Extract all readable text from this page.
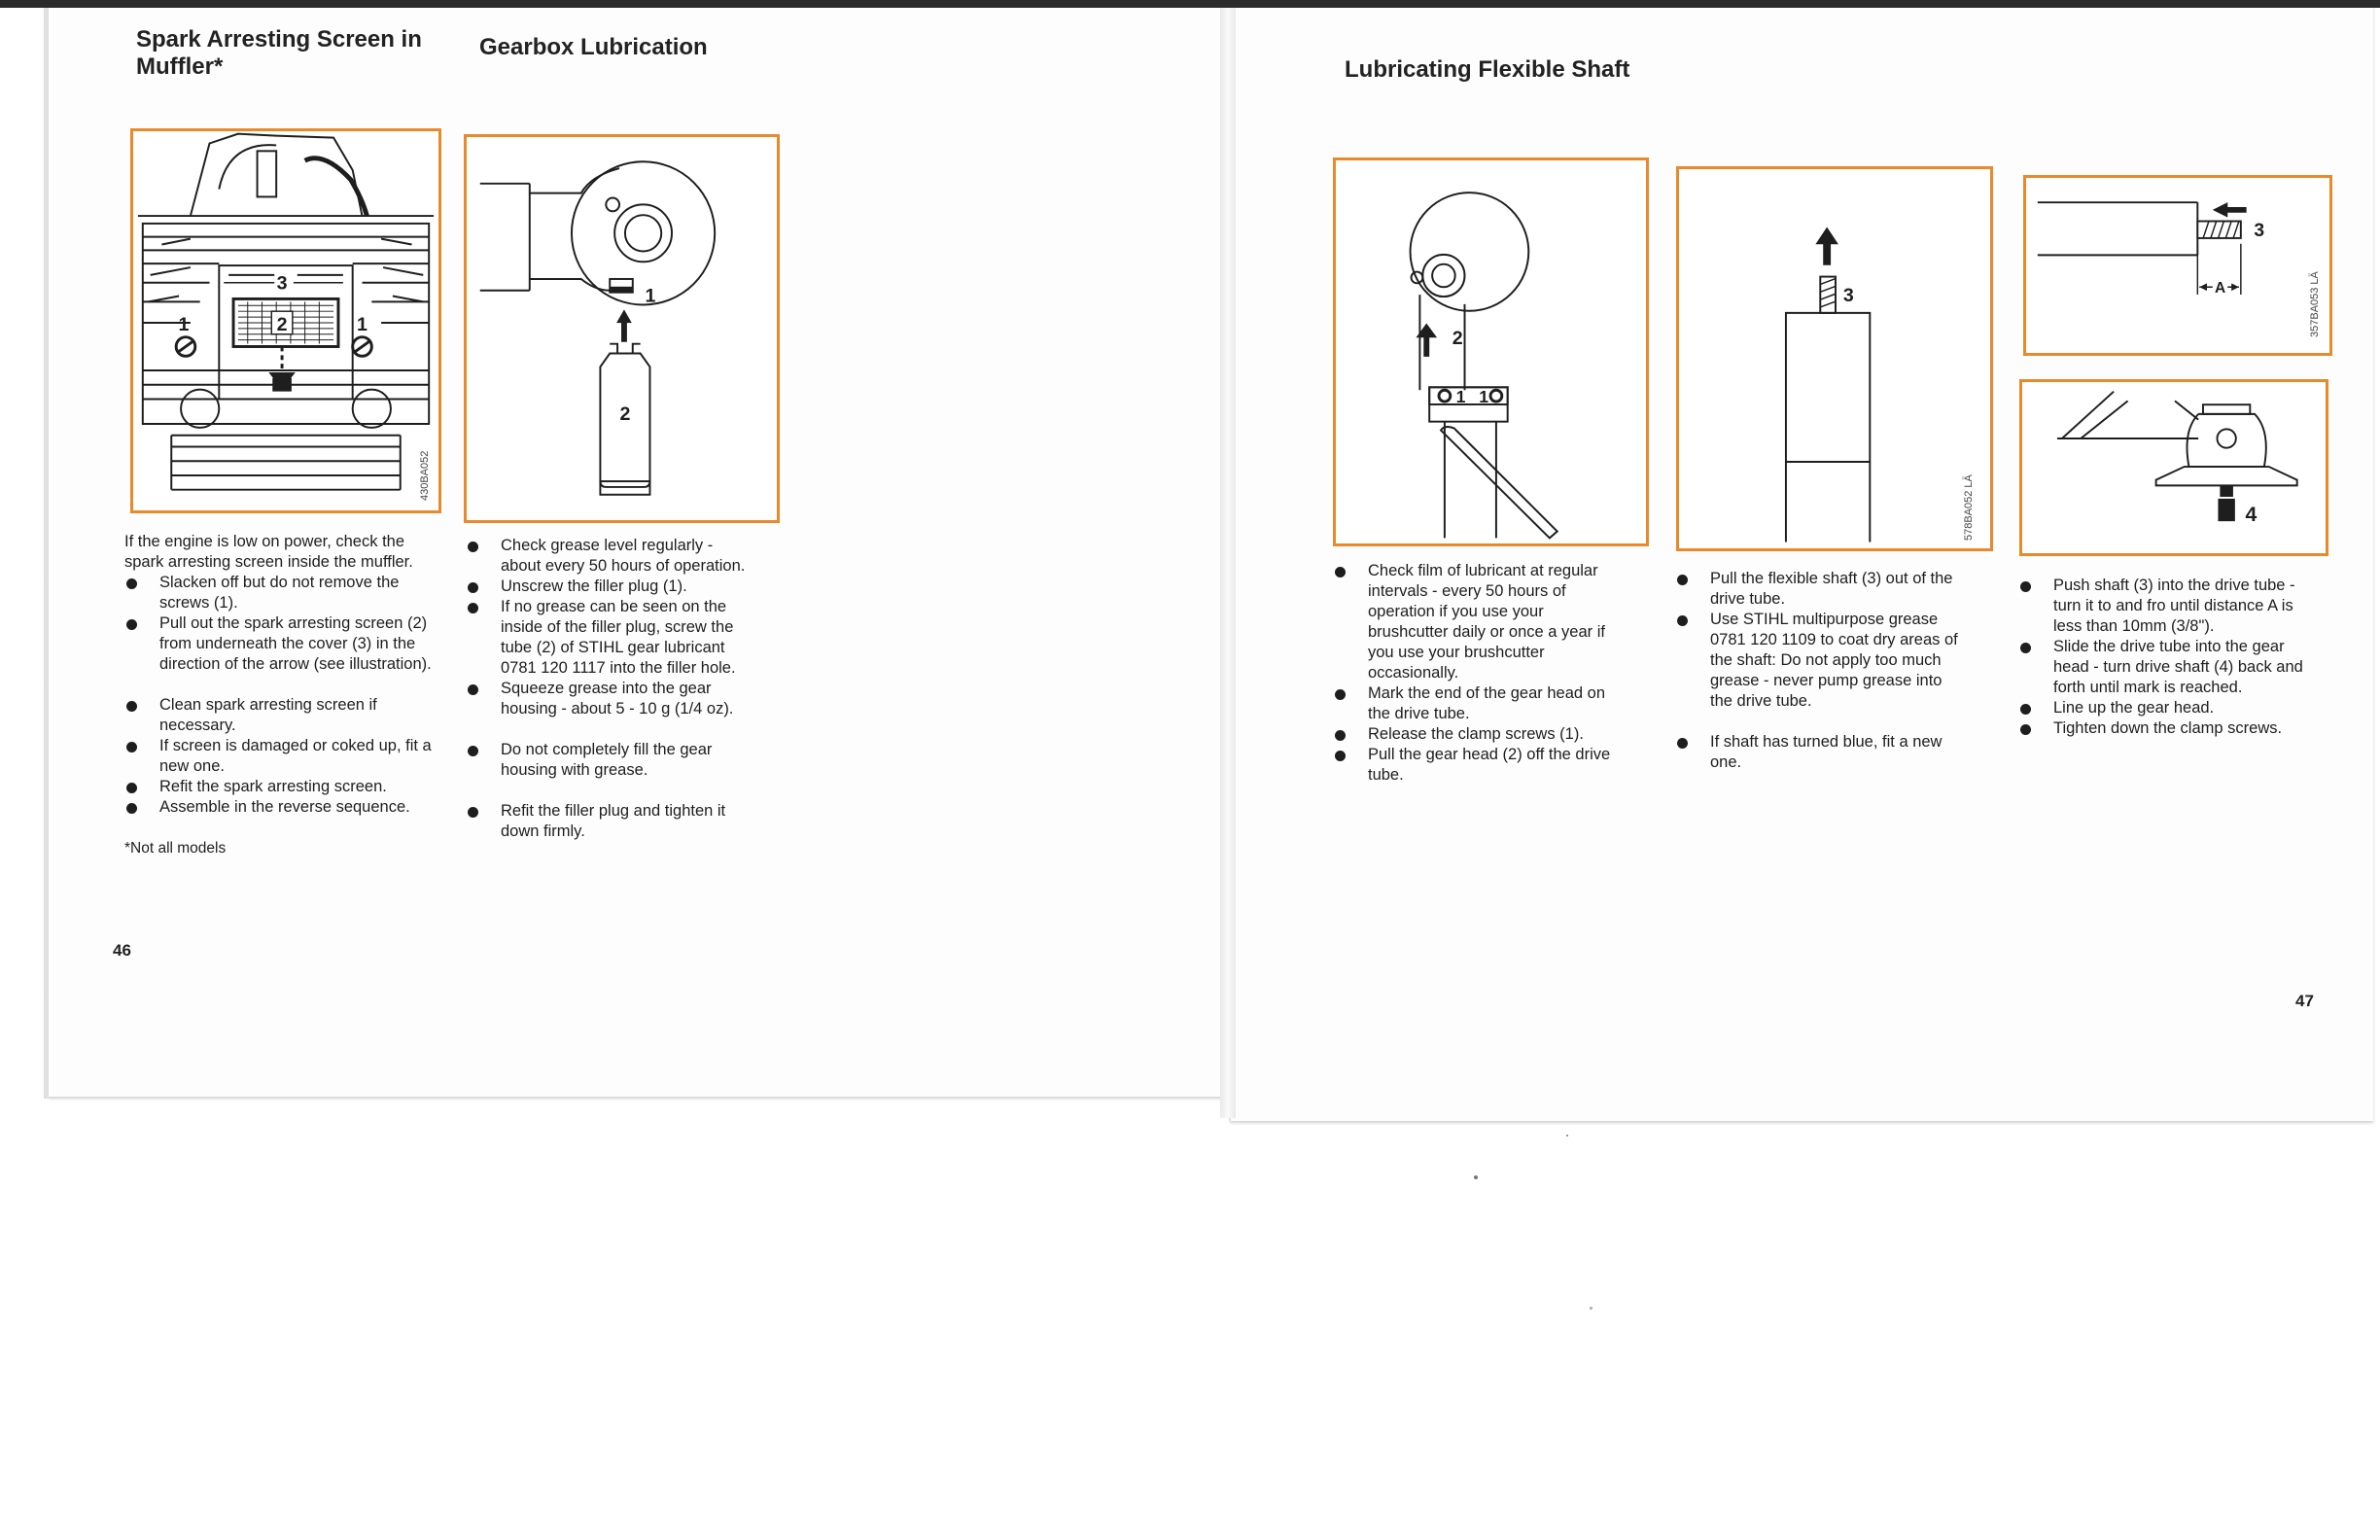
Spark Arresting Screen in Muffler*
Gearbox Lubrication
3
2
1	1
430BA052
1
2

If the engine is low on power, check the spark arresting screen inside the muffler.

Slacken off but do not remove the screws (1).
Pull out the spark arresting screen (2) from underneath the cover (3) in the direction of the arrow (see illustration).
Clean spark arresting screen if necessary.
If screen is damaged or coked up, fit a new one.
Refit the spark arresting screen.
Assemble in the reverse sequence.

*Not all models

Check grease level regularly - about every 50 hours of operation.
Unscrew the filler plug (1).
If no grease can be seen on the inside of the filler plug, screw the tube (2) of STIHL gear lubricant 0781 120 1117 into the filler hole.
Squeeze grease into the gear housing - about 5 - 10 g (1/4 oz).
Do not completely fill the gear housing with grease.
Refit the filler plug and tighten it down firmly.
46
Lubricating Flexible Shaft
2
1 1
3
578BA052 LÄ
3
A	357BA053 LÄ
4
Check film of lubricant at regular intervals - every 50 hours of operation if you use your brushcutter daily or once a year if you use your brushcutter occasionally.
Mark the end of the gear head on the drive tube.
Release the clamp screws (1).
Pull the gear head (2) off the drive tube.
Pull the flexible shaft (3) out of the drive tube.
Use STIHL multipurpose grease 0781 120 1109 to coat dry areas of the shaft: Do not apply too much grease - never pump grease into the drive tube.
If shaft has turned blue, fit a new one.
Push shaft (3) into the drive tube - turn it to and fro until distance A is less than 10mm (3/8").
Slide the drive tube into the gear head - turn drive shaft (4) back and forth until mark is reached.
Line up the gear head.
Tighten down the clamp screws.
47
